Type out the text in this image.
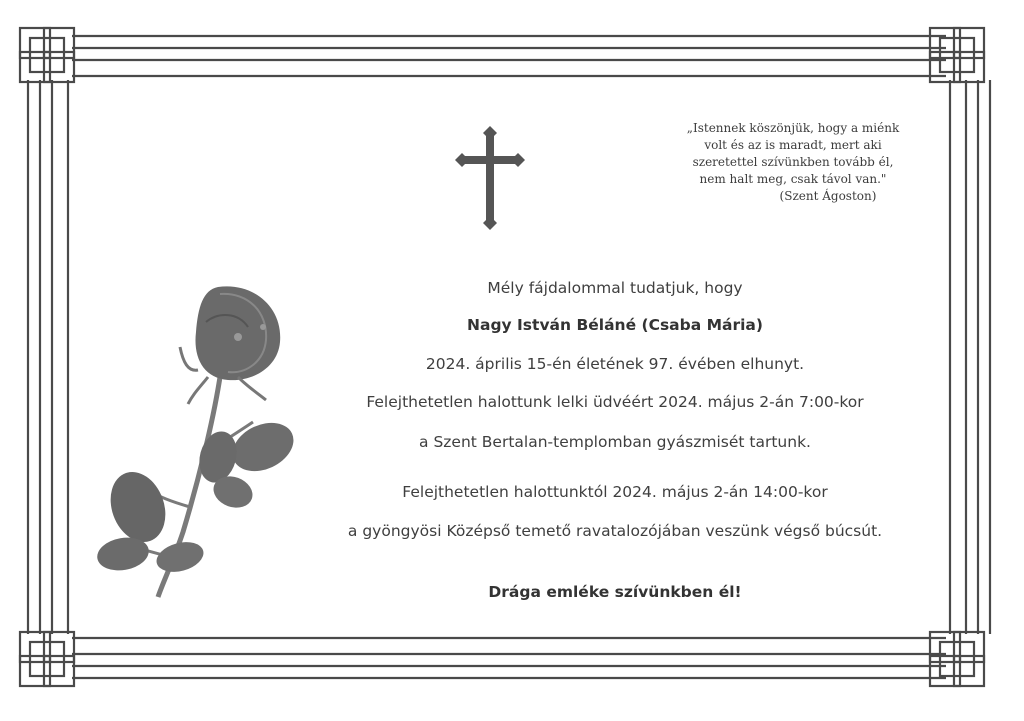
„Istennek köszönjük, hogy a miénk
volt és az is maradt, mert aki
szeretettel szívünkben tovább él,
nem halt meg, csak távol van."
(Szent Ágoston)
Mély fájdalommal tudatjuk, hogy
Nagy István Béláné (Csaba Mária)
2024. április 15-én életének 97. évében elhunyt.
Felejthetetlen halottunk lelki üdvéért 2024. május 2-án 7:00-kor
a Szent Bertalan-templomban gyászmisét tartunk.
Felejthetetlen halottunktól 2024. május 2-án 14:00-kor
a gyöngyösi Középső temető ravatalozójában veszünk végső búcsút.
Drága emléke szívünkben él!
